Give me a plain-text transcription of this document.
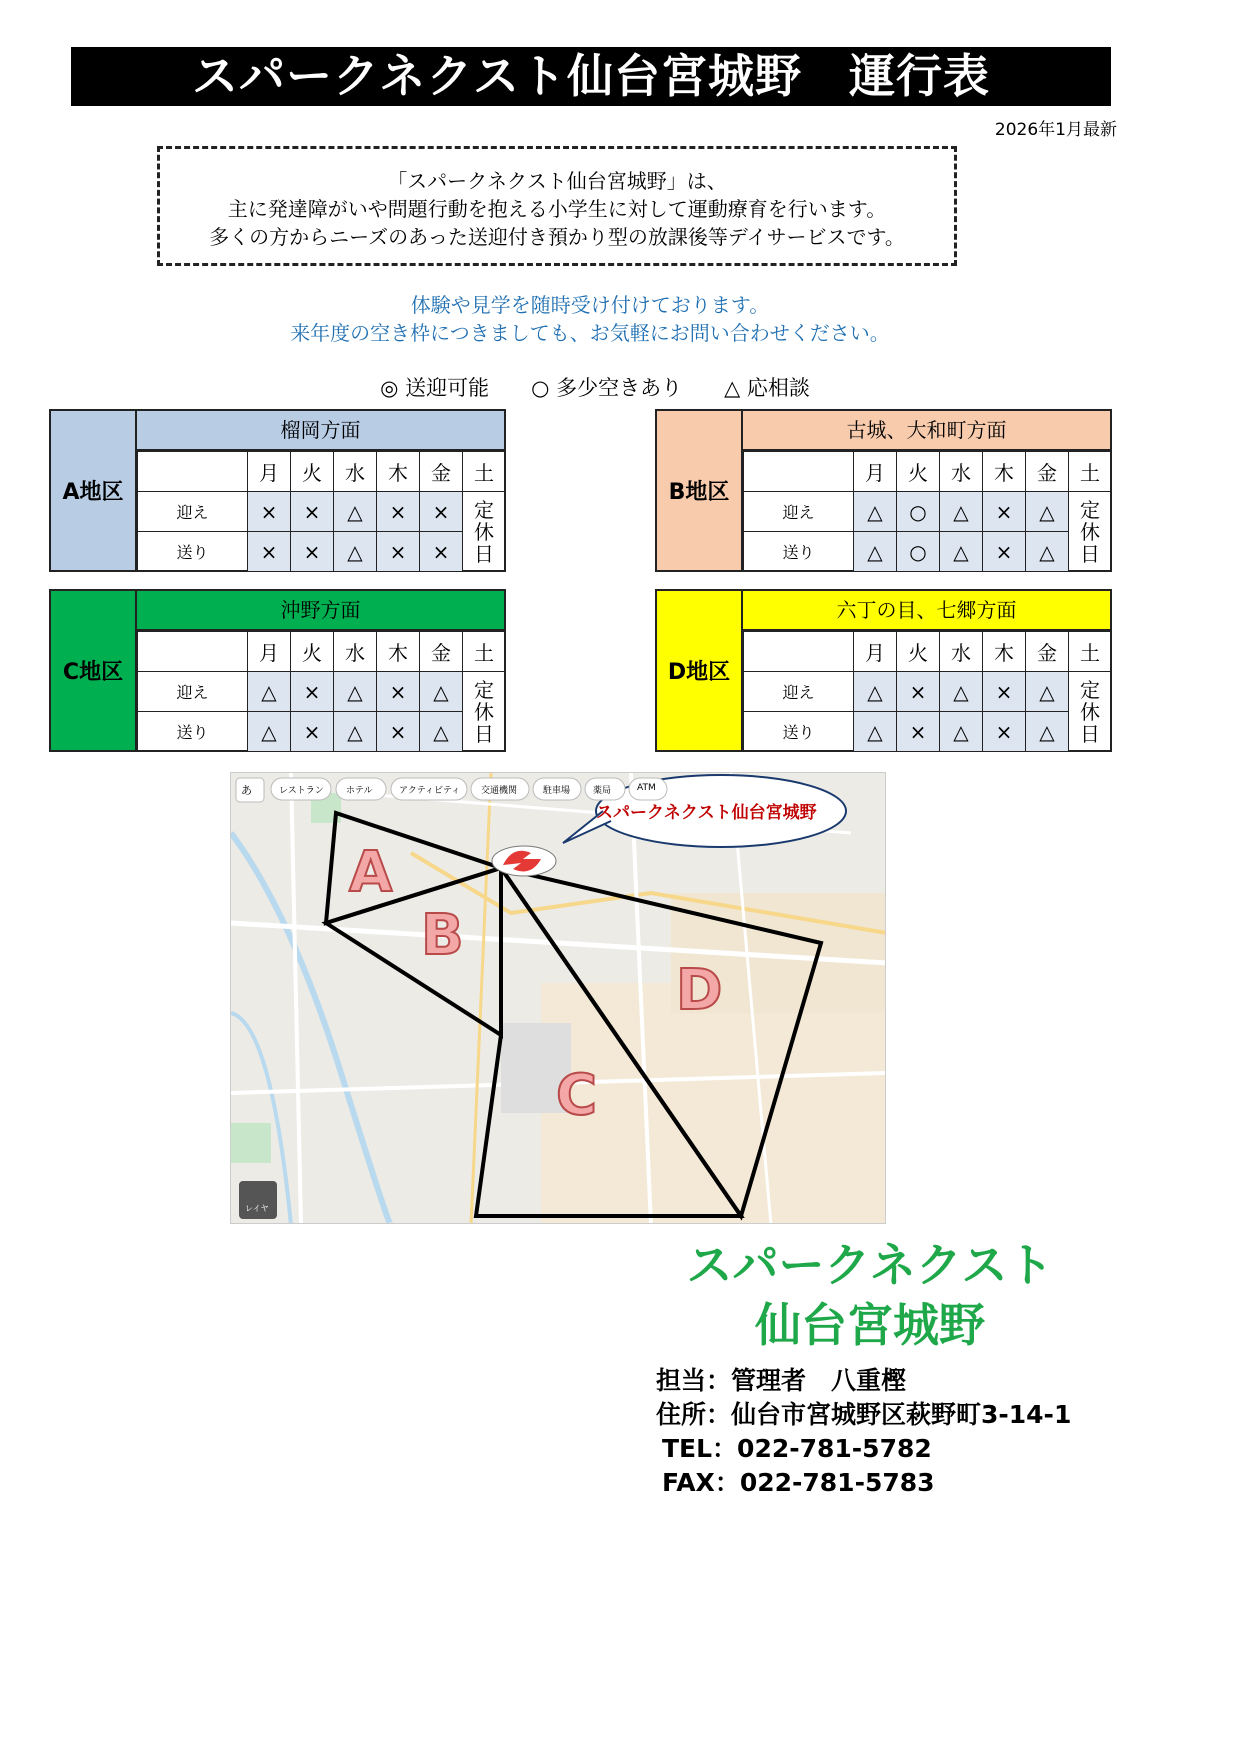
スパークネクスト仙台宮城野　運行表
2026年1月最新
「スパークネクスト仙台宮城野」は、
主に発達障がいや問題行動を抱える小学生に対して運動療育を行います。
多くの方からニーズのあった送迎付き預かり型の放課後等デイサービスです。
体験や見学を随時受け付けております。
来年度の空き枠につきましても、お気軽にお問い合わせください。
◎ 送迎可能　　○ 多少空きあり　　△ 応相談
A地区
榴岡方面
	月	火	水	木	金	土
迎え	×	×	△	×	×	定
休
日

送り	×	×	△	×	×	
B地区
古城、大和町方面
	月	火	水	木	金	土
迎え	△	○	△	×	△	定
休
日

送り	△	○	△	×	△	
C地区
沖野方面
	月	火	水	木	金	土
迎え	△	×	△	×	△	定
休
日

送り	△	×	△	×	△	
D地区
六丁の目、七郷方面
	月	火	水	木	金	土
迎え	△	×	△	×	△	定
休
日

送り	△	×	△	×	△	
あ	レストラン ホテル	アクティビティ 交通機関	駐車場	薬局	ATM
レイヤ
スパークネクスト仙台宮城野
A
B
C
D
スパークネクスト
仙台宮城野
担当：管理者　八重樫
住所：仙台市宮城野区萩野町3-14-1
TEL：022-781-5782
FAX：022-781-5783
